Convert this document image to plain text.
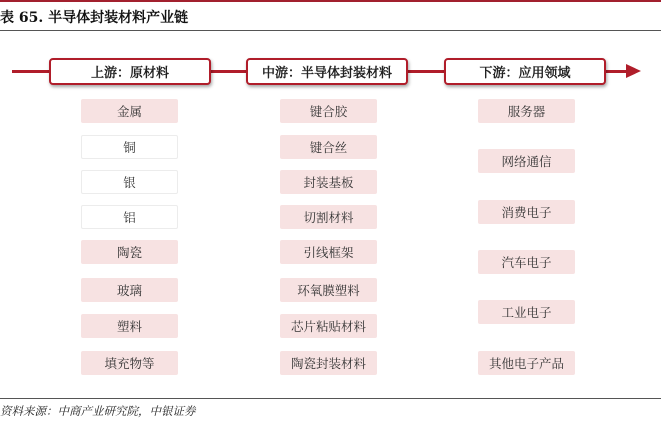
表 65. 半导体封装材料产业链
上游：原材料	中游：半导体封装材料	下游：应用领域
金属
铜
银
铝
陶瓷
玻璃
塑料
填充物等
键合胶
键合丝
封装基板
切割材料
引线框架
环氧膜塑料
芯片粘贴材料
陶瓷封装材料
服务器
网络通信
消费电子
汽车电子
工业电子
其他电子产品
资料来源：中商产业研究院，中银证券
